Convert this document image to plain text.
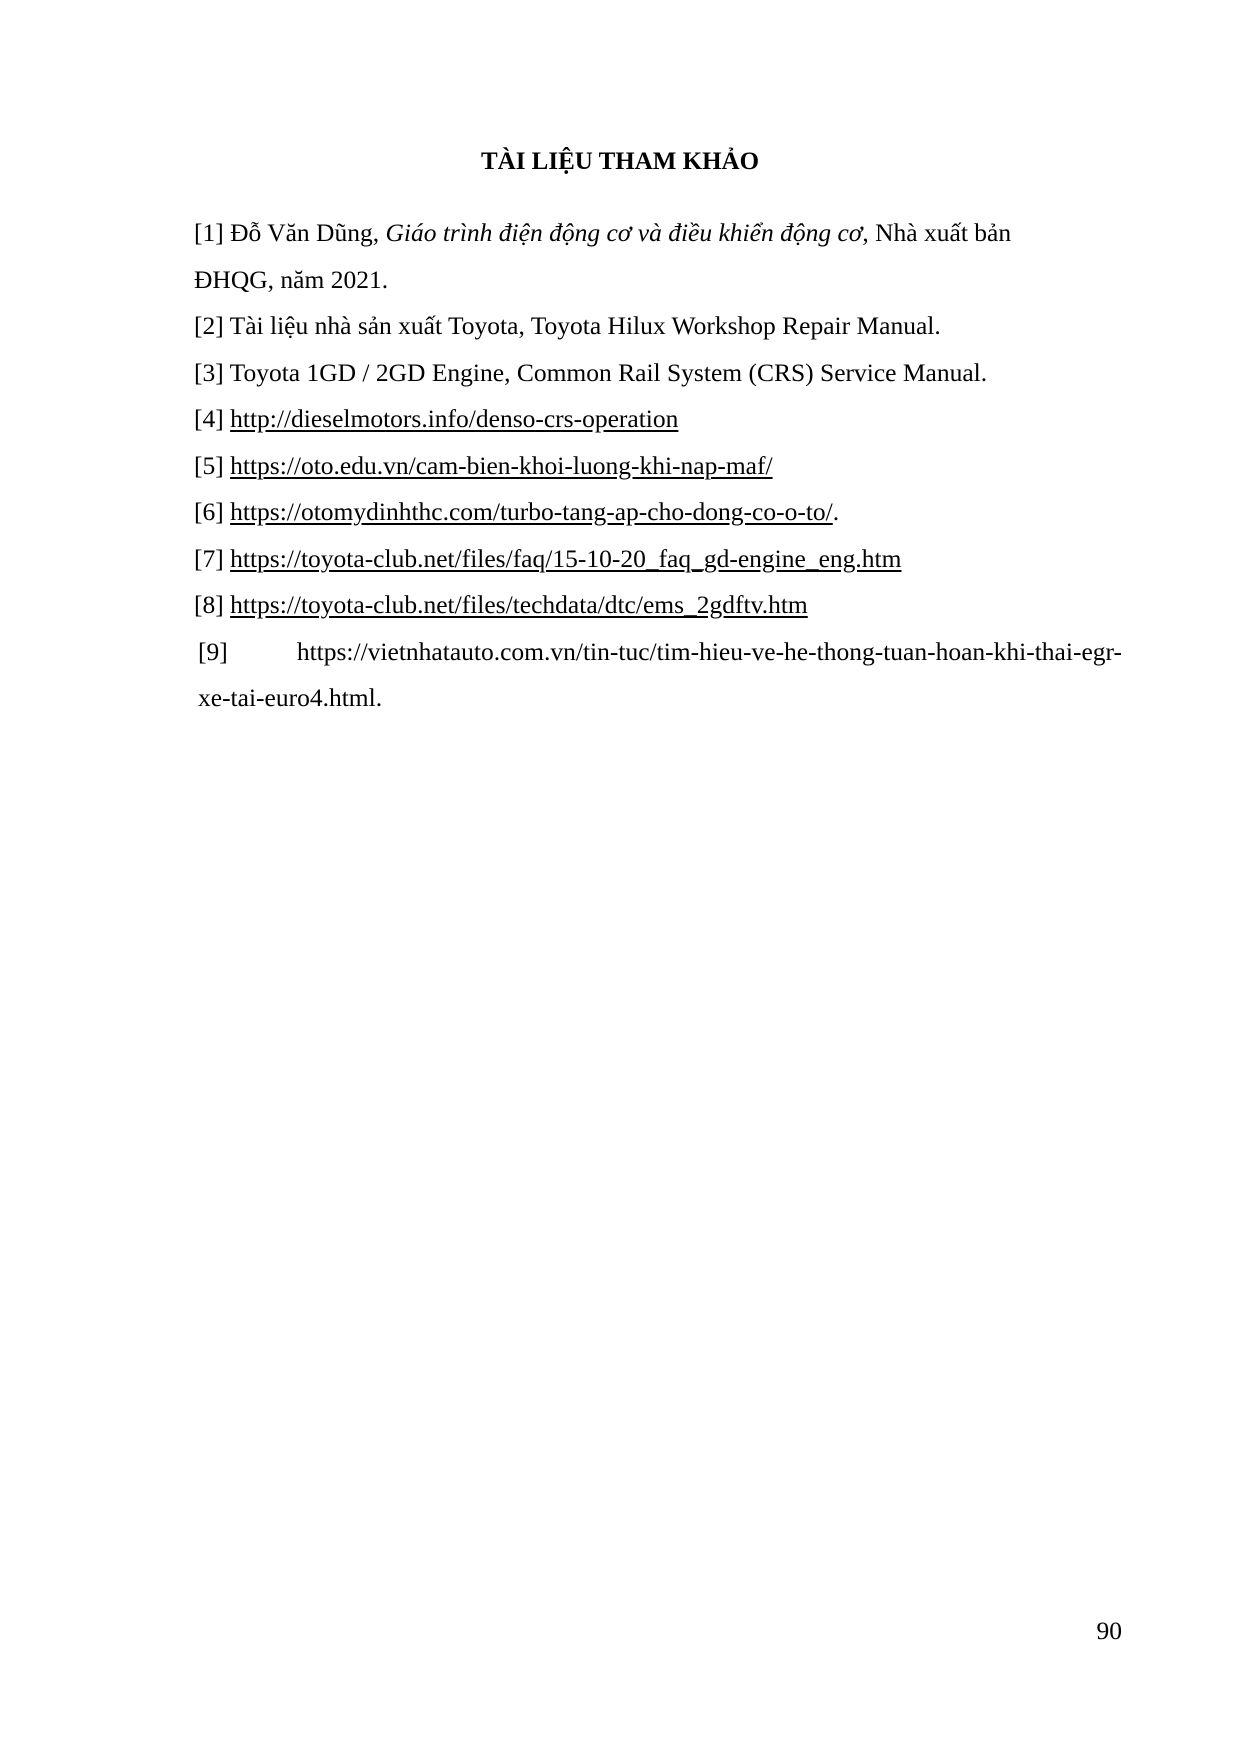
TÀI LIỆU THAM KHẢO

[1] Đỗ Văn Dũng, Giáo trình điện động cơ và điều khiển động cơ, Nhà xuất bản
ĐHQG, năm 2021.

[2] Tài liệu nhà sản xuất Toyota, Toyota Hilux Workshop Repair Manual.

[3] Toyota 1GD / 2GD Engine, Common Rail System (CRS) Service Manual.

[4] http://dieselmotors.info/denso-crs-operation

[5] https://oto.edu.vn/cam-bien-khoi-luong-khi-nap-maf/

[6] https://otomydinhthc.com/turbo-tang-ap-cho-dong-co-o-to/.

[7] https://toyota-club.net/files/faq/15-10-20_faq_gd-engine_eng.htm

[8] https://toyota-club.net/files/techdata/dtc/ems_2gdftv.htm

[9]	https://vietnhatauto.com.vn/tin-tuc/tim-hieu-ve-he-thong-tuan-hoan-khi-thai-egr-
xe-tai-euro4.html.
90
